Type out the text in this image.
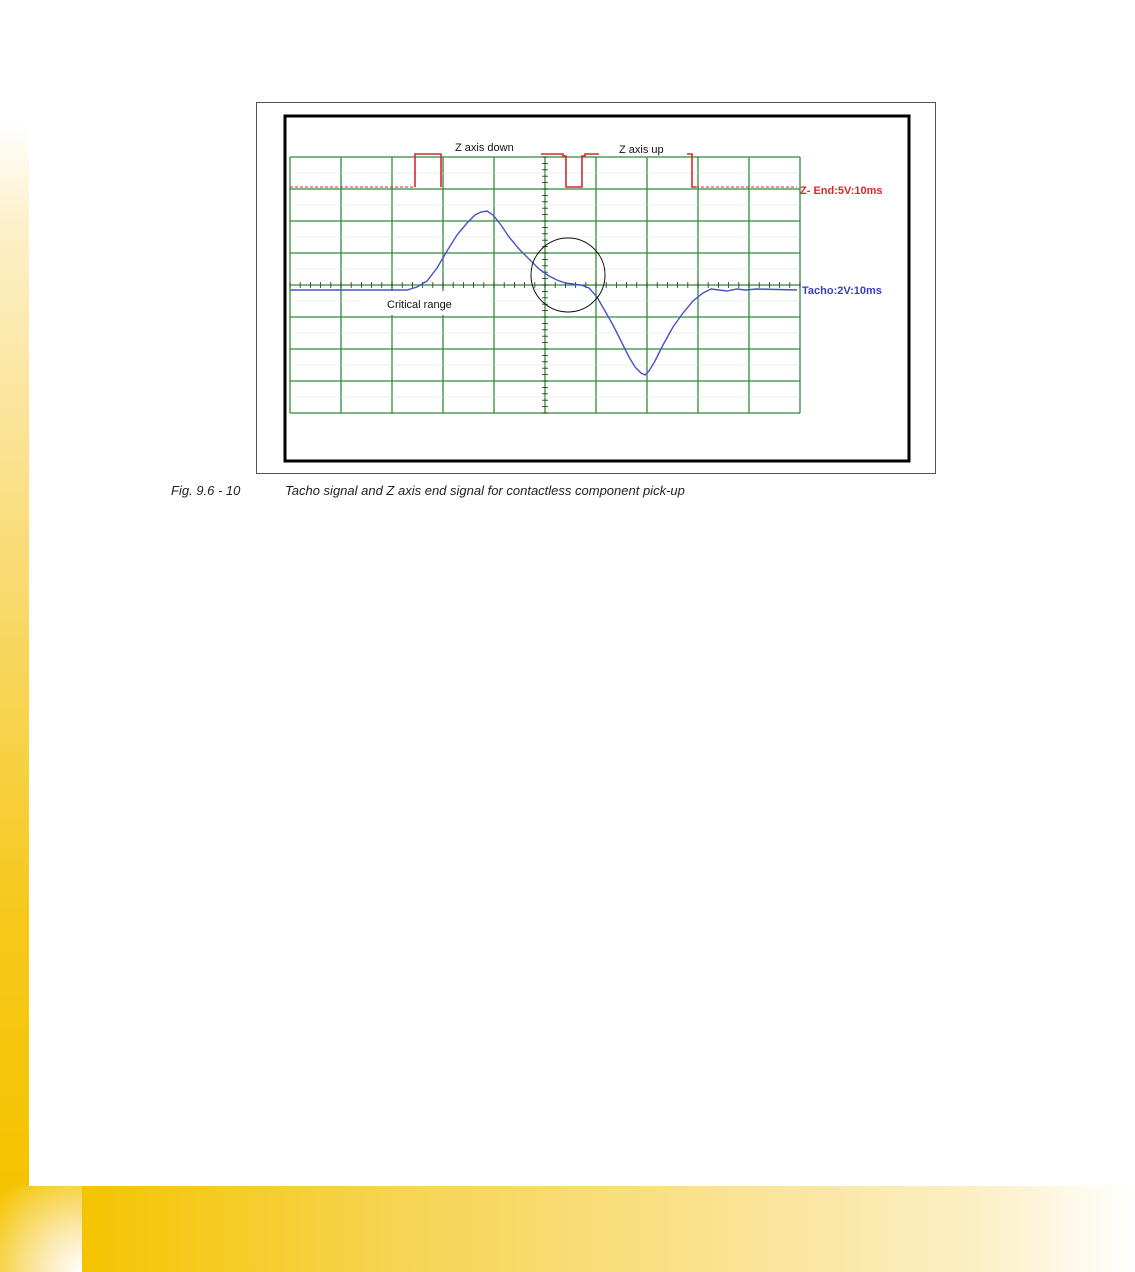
Z axis down	Z axis up
Critical range
Z- End:5V:10ms
Tacho:2V:10ms
Fig. 9.6 - 10	Tacho signal and Z axis end signal for contactless component pick-up
